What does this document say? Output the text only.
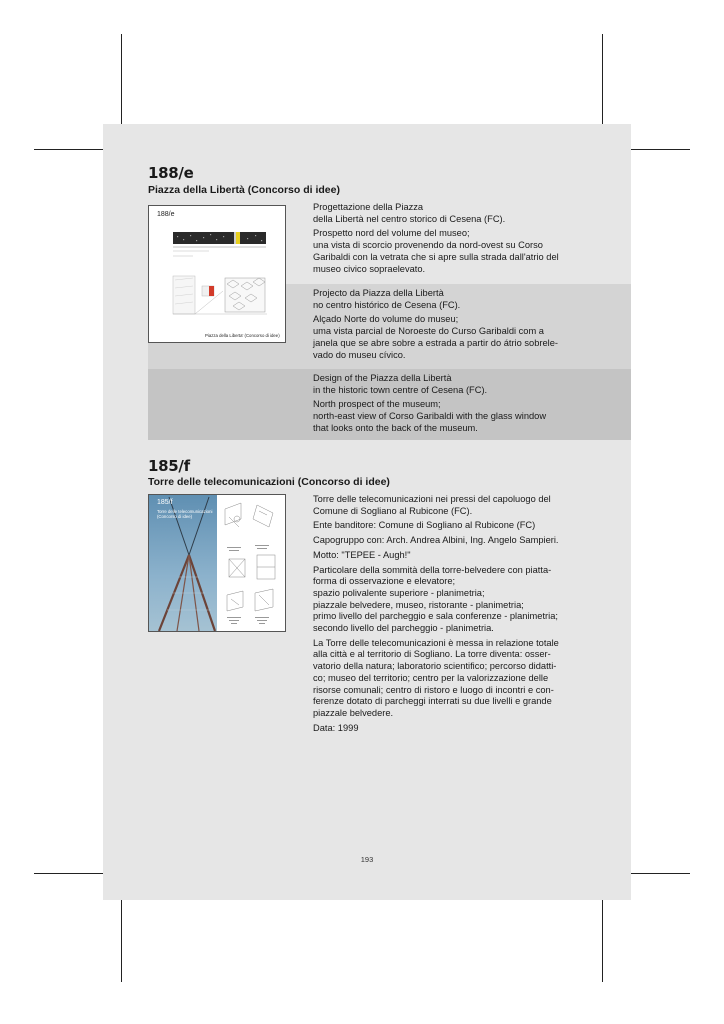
188/e
Piazza della Libertà (Concorso di idee)

Progettazione della Piazza
della Libertà nel centro storico di Cesena (FC).

Prospetto nord del volume del museo;
una vista di scorcio provenendo da nord-ovest su Corso
Garibaldi con la vetrata che si apre sulla strada dall'atrio del
museo civico sopraelevato.

Projecto da Piazza della Libertà
no centro histórico de Cesena (FC).

Alçado Norte do volume do museu;
uma vista parcial de Noroeste do Curso Garibaldi com a
janela que se abre sobre a estrada a partir do átrio sobrele-
vado do museu cívico.

Design of the Piazza della Libertà
in the historic town centre of Cesena (FC).

North prospect of the museum;
north-east view of Corso Garibaldi with the glass window
that looks onto the back of the museum.

188/e
Piazza della Liberta' (Concorso di idee)
185/f
Torre delle telecomunicazioni (Concorso di idee)
185/f
Torre delle telecomunicazioni
(Concorso di idee)

Torre delle telecomunicazioni nei pressi del capoluogo del
Comune di Sogliano al Rubicone (FC).

Ente banditore: Comune di Sogliano al Rubicone (FC)

Capogruppo con: Arch. Andrea Albini, Ing. Angelo Sampieri.

Motto: "TEPEE - Augh!"

Particolare della sommità della torre-belvedere con piatta-
forma di osservazione e elevatore;
spazio polivalente superiore - planimetria;
piazzale belvedere, museo, ristorante - planimetria;
primo livello del parcheggio e sala conferenze - planimetria;
secondo livello del parcheggio - planimetria.

La Torre delle telecomunicazioni è messa in relazione totale
alla città e al territorio di Sogliano. La torre diventa: osser-
vatorio della natura; laboratorio scientifico; percorso didatti-
co; museo del territorio; centro per la valorizzazione delle
risorse comunali; centro di ristoro e luogo di incontri e con-
ferenze dotato di parcheggi interrati su due livelli e grande
piazzale belvedere.

Data: 1999

193
